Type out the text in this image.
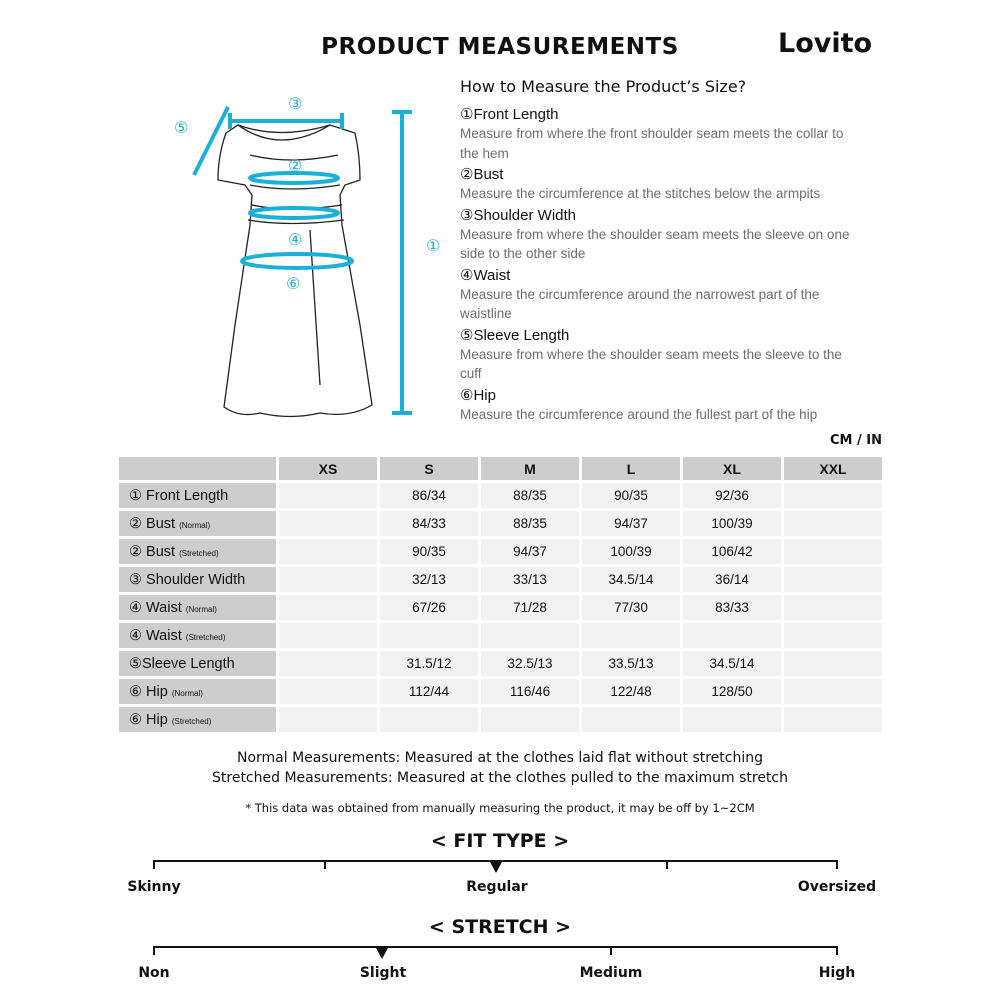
PRODUCT MEASUREMENTS	Lovito
③
⑤
②
④
⑥
①
How to Measure the Product’s Size?
①Front Length
Measure from where the front shoulder seam meets the collar to the hem
②Bust
Measure the circumference at the stitches below the armpits
③Shoulder Width
Measure from where the shoulder seam meets the sleeve on one side to the other side
④Waist
Measure the circumference around the narrowest part of the waistline
⑤Sleeve Length
Measure from where the shoulder seam meets the sleeve to the cuff
⑥Hip
Measure the circumference around the fullest part of the hip
CM / IN
	XS	S	M	L	XL	XXL
① Front Length		86/34	88/35	90/35	92/36	
② Bust (Normal)		84/33	88/35	94/37	100/39	
② Bust (Stretched)		90/35	94/37	100/39	106/42	
③ Shoulder Width		32/13	33/13	34.5/14	36/14	
④ Waist (Normal)		67/26	71/28	77/30	83/33	
④ Waist (Stretched)						
⑤Sleeve Length		31.5/12	32.5/13	33.5/13	34.5/14	
⑥ Hip (Normal)		112/44	116/46	122/48	128/50	
⑥ Hip (Stretched)						
Normal Measurements: Measured at the clothes laid flat without stretching
Stretched Measurements: Measured at the clothes pulled to the maximum stretch
* This data was obtained from manually measuring the product, it may be off by 1~2CM
< FIT TYPE >
Skinny	Regular	Oversized
< STRETCH >
Non	Slight	Medium	High
